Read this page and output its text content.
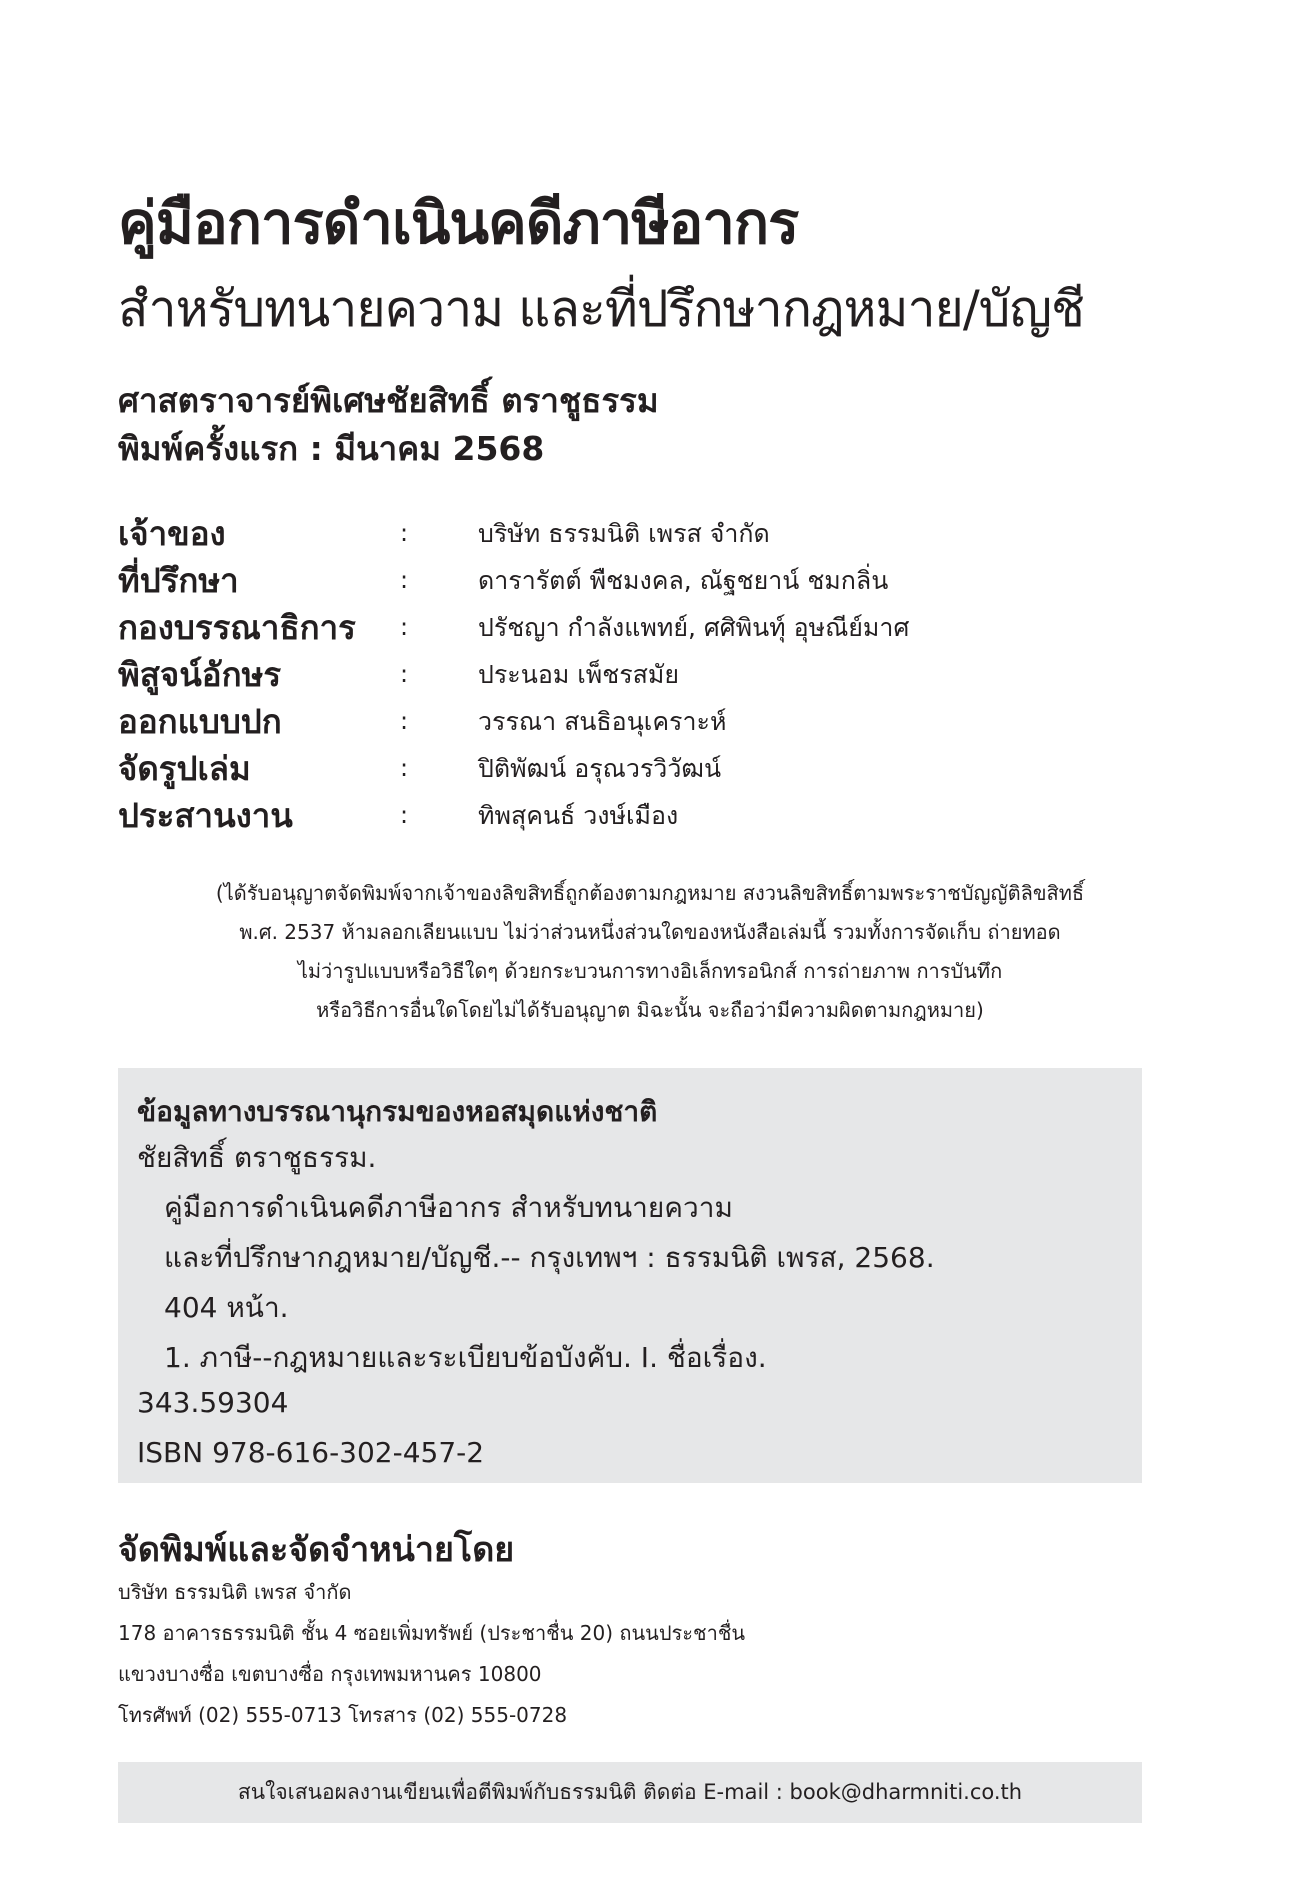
คู่มือการดำเนินคดีภาษีอากร
สำหรับทนายความ และที่ปรึกษากฎหมาย/บัญชี
ศาสตราจารย์พิเศษชัยสิทธิ์ ตราชูธรรม
พิมพ์ครั้งแรก : มีนาคม 2568
เจ้าของ	:	บริษัท ธรรมนิติ เพรส จำกัด
ที่ปรึกษา	:	ดารารัตต์ พืชมงคล, ณัฐชยาน์ ชมกลิ่น
กองบรรณาธิการ :	ปรัชญา กำลังแพทย์, ศศิพินทุ์ อุษณีย์มาศ
พิสูจน์อักษร	:	ประนอม เพ็ชรสมัย
ออกแบบปก	:	วรรณา สนธิอนุเคราะห์
จัดรูปเล่ม	:	ปิติพัฒน์ อรุณวรวิวัฒน์
ประสานงาน	:	ทิพสุคนธ์ วงษ์เมือง
(ได้รับอนุญาตจัดพิมพ์จากเจ้าของลิขสิทธิ์ถูกต้องตามกฎหมาย สงวนลิขสิทธิ์ตามพระราชบัญญัติลิขสิทธิ์
พ.ศ. 2537 ห้ามลอกเลียนแบบ ไม่ว่าส่วนหนึ่งส่วนใดของหนังสือเล่มนี้ รวมทั้งการจัดเก็บ ถ่ายทอด
ไม่ว่ารูปแบบหรือวิธีใดๆ ด้วยกระบวนการทางอิเล็กทรอนิกส์ การถ่ายภาพ การบันทึก
หรือวิธีการอื่นใดโดยไม่ได้รับอนุญาต มิฉะนั้น จะถือว่ามีความผิดตามกฎหมาย)
ข้อมูลทางบรรณานุกรมของหอสมุดแห่งชาติ
ชัยสิทธิ์ ตราชูธรรม.
คู่มือการดำเนินคดีภาษีอากร สำหรับทนายความ
และที่ปรึกษากฎหมาย/บัญชี.-- กรุงเทพฯ : ธรรมนิติ เพรส, 2568.
404 หน้า.
1. ภาษี--กฎหมายและระเบียบข้อบังคับ. I. ชื่อเรื่อง.
343.59304
ISBN 978-616-302-457-2
จัดพิมพ์และจัดจำหน่ายโดย
บริษัท ธรรมนิติ เพรส จำกัด
178 อาคารธรรมนิติ ชั้น 4 ซอยเพิ่มทรัพย์ (ประชาชื่น 20) ถนนประชาชื่น
แขวงบางซื่อ เขตบางซื่อ กรุงเทพมหานคร 10800
โทรศัพท์ (02) 555-0713 โทรสาร (02) 555-0728
สนใจเสนอผลงานเขียนเพื่อตีพิมพ์กับธรรมนิติ ติดต่อ E-mail : book@dharmniti.co.th
